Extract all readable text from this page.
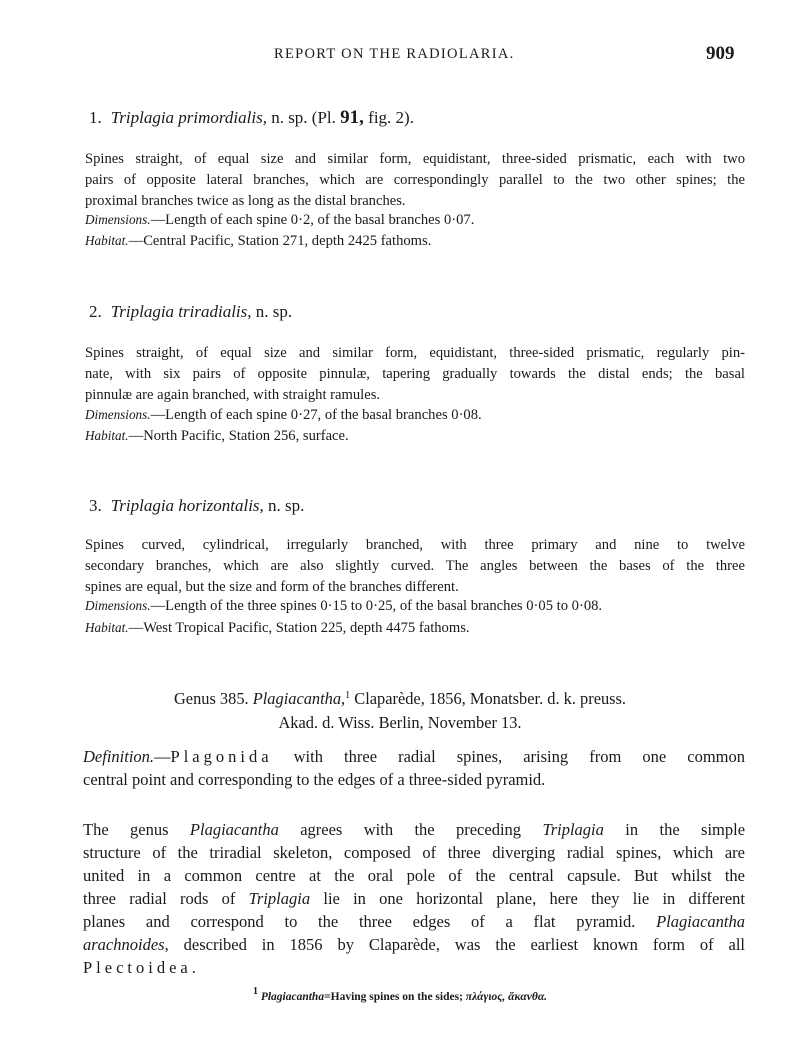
REPORT ON THE RADIOLARIA.	909
1. Triplagia primordialis, n. sp. (Pl. 91, fig. 2).
Spines straight, of equal size and similar form, equidistant, three-sided prismatic, each with two
pairs of opposite lateral branches, which are correspondingly parallel to the two other spines; the
proximal branches twice as long as the distal branches.
Dimensions.—Length of each spine 0·2, of the basal branches 0·07.
Habitat.—Central Pacific, Station 271, depth 2425 fathoms.
2. Triplagia triradialis, n. sp.
Spines straight, of equal size and similar form, equidistant, three-sided prismatic, regularly pin-
nate, with six pairs of opposite pinnulæ, tapering gradually towards the distal ends; the basal
pinnulæ are again branched, with straight ramules.
Dimensions.—Length of each spine 0·27, of the basal branches 0·08.
Habitat.—North Pacific, Station 256, surface.
3. Triplagia horizontalis, n. sp.
Spines curved, cylindrical, irregularly branched, with three primary and nine to twelve
secondary branches, which are also slightly curved. The angles between the bases of the three
spines are equal, but the size and form of the branches different.
Dimensions.—Length of the three spines 0·15 to 0·25, of the basal branches 0·05 to 0·08.
Habitat.—West Tropical Pacific, Station 225, depth 4475 fathoms.
Genus 385. Plagiacantha,$^1$ Claparède, 1856, Monatsber. d. k. preuss.
Akad. d. Wiss. Berlin, November 13.
Definition.—Plagonida with three radial spines, arising from one common
central point and corresponding to the edges of a three-sided pyramid.
The genus Plagiacantha agrees with the preceding Triplagia in the simple
structure of the triradial skeleton, composed of three diverging radial spines, which are
united in a common centre at the oral pole of the central capsule. But whilst the
three radial rods of Triplagia lie in one horizontal plane, here they lie in different
planes and correspond to the three edges of a flat pyramid. Plagiacantha
arachnoides, described in 1856 by Claparède, was the earliest known form of all
Plectoidea.
$^1$ Plagiacantha=Having spines on the sides; πλάγιος, ἄκανθα.
